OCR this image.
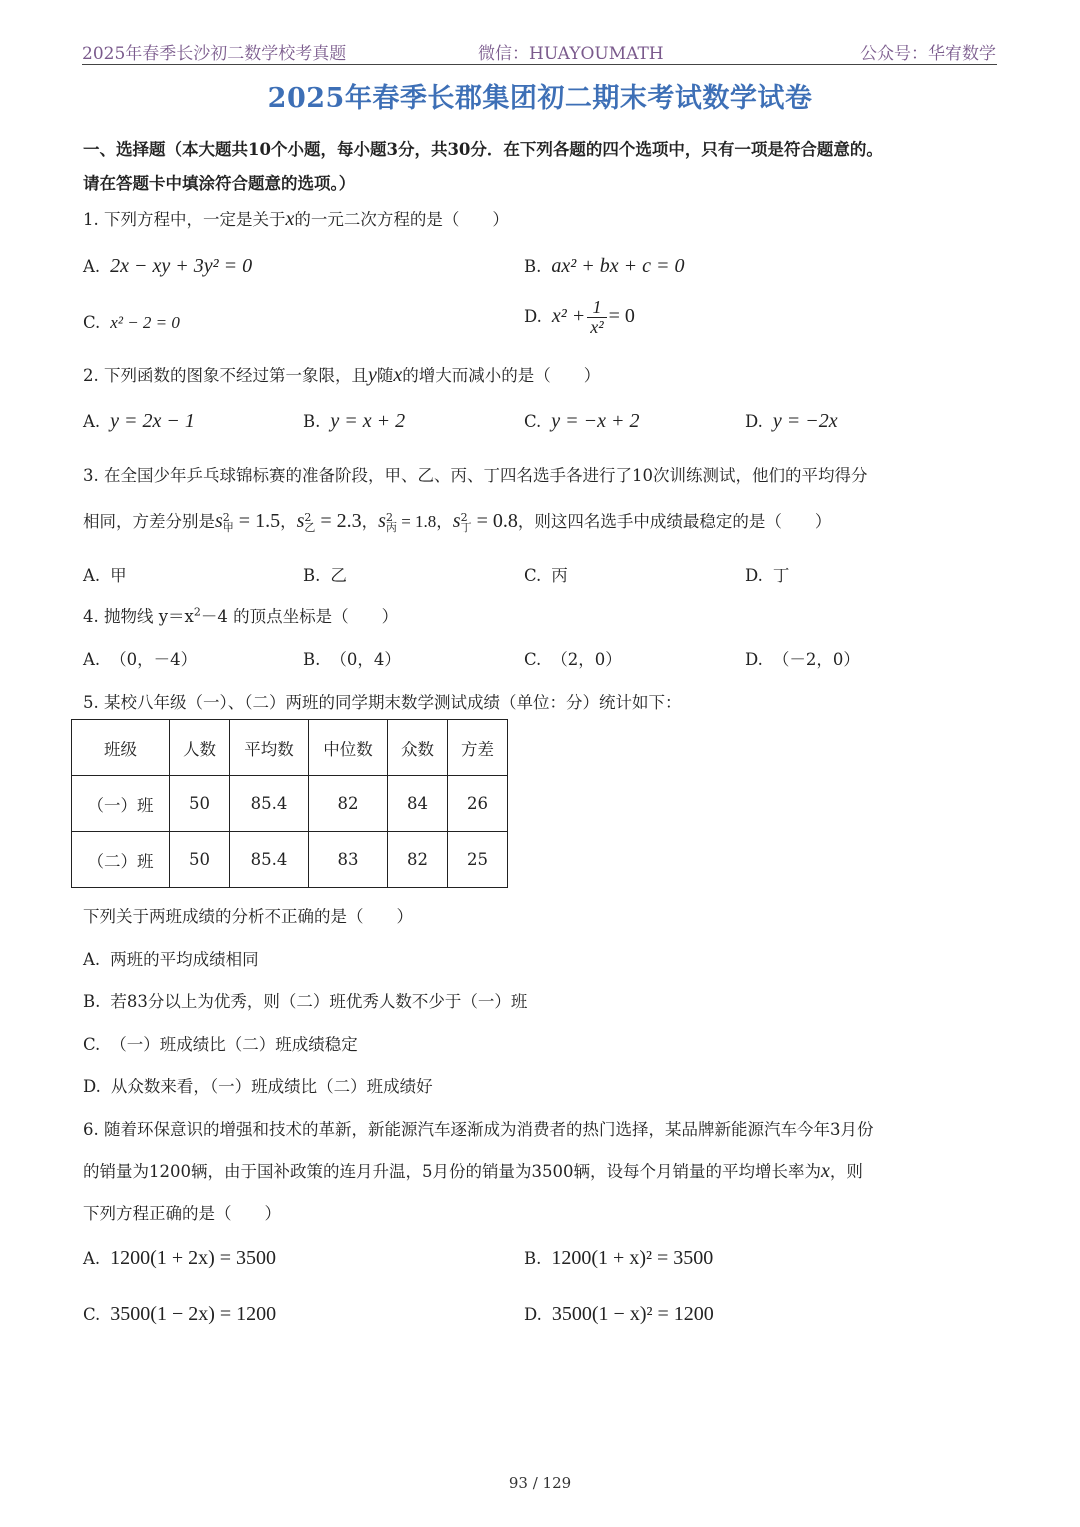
2025年春季长沙初二数学校考真题	微信：HUAYOUMATH	公众号：华宥数学
2025年春季长郡集团初二期末考试数学试卷
一、选择题（本大题共10个小题，每小题3分，共30分．在下列各题的四个选项中，只有一项是符合题意的。
请在答题卡中填涂符合题意的选项。）
1. 下列方程中，一定是关于x的一元二次方程的是（　　）
A. 2x − xy + 3y² = 0	B. ax² + bx + c = 0
C. x² − 2 = 0	D. $x^2 + \frac{1}{\text{x²}} = 0$
2. 下列函数的图象不经过第一象限，且y随x的增大而减小的是（　　）
A. y = 2x − 1	B. y = x + 2	C. y = −x + 2	D. y = −2x
3. 在全国少年乒乓球锦标赛的准备阶段，甲、乙、丙、丁四名选手各进行了10次训练测试，他们的平均得分
相同，方差分别是$s^2_甲 = 1.5$，$s^2_乙 = 2.3$，$s^2_丙 = 1.8$，$s^2_丁 = 0.8$，则这四名选手中成绩最稳定的是（　　）
A. 甲	B. 乙	C. 丙	D. 丁
4. 抛物线 $y=x^2-4$ 的顶点坐标是（　　）
A. （0，－4）	B. （0，4）	C. （2，0）	D. （－2，0）
5. 某校八年级（一）、（二）两班的同学期末数学测试成绩（单位：分）统计如下：
班级	人数	平均数	中位数	众数	方差
（一）班	50	85.4	82	84	26
（二）班	50	85.4	83	82	25
下列关于两班成绩的分析不正确的是（　　）
A. 两班的平均成绩相同
B. 若83分以上为优秀，则（二）班优秀人数不少于（一）班
C. （一）班成绩比（二）班成绩稳定
D. 从众数来看，（一）班成绩比（二）班成绩好
6. 随着环保意识的增强和技术的革新，新能源汽车逐渐成为消费者的热门选择，某品牌新能源汽车今年3月份
的销量为1200辆，由于国补政策的连月升温，5月份的销量为3500辆，设每个月销量的平均增长率为x，则
下列方程正确的是（　　）
A. 1200(1 + 2x) = 3500	B. 1200(1 + x)² = 3500
C. 3500(1 − 2x) = 1200	D. 3500(1 − x)² = 1200
93 / 129
